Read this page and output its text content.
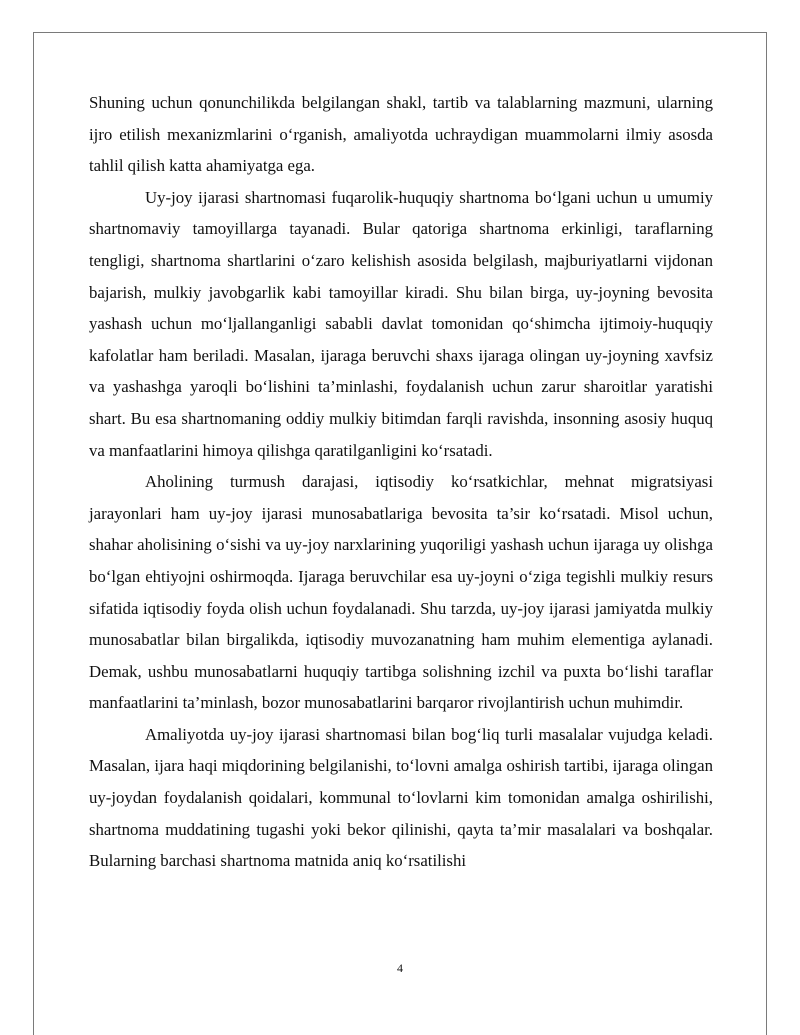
Shuning uchun qonunchilikda belgilangan shakl, tartib va talablarning mazmuni, ularning ijro etilish mexanizmlarini o‘rganish, amaliyotda uchraydigan muammolarni ilmiy asosda tahlil qilish katta ahamiyatga ega.

Uy-joy ijarasi shartnomasi fuqarolik-huquqiy shartnoma bo‘lgani uchun u umumiy shartnomaviy tamoyillarga tayanadi. Bular qatoriga shartnoma erkinligi, taraflarning tengligi, shartnoma shartlarini o‘zaro kelishish asosida belgilash, majburiyatlarni vijdonan bajarish, mulkiy javobgarlik kabi tamoyillar kiradi. Shu bilan birga, uy-joyning bevosita yashash uchun mo‘ljallanganligi sababli davlat tomonidan qo‘shimcha ijtimoiy-huquqiy kafolatlar ham beriladi. Masalan, ijaraga beruvchi shaxs ijaraga olingan uy-joyning xavfsiz va yashashga yaroqli bo‘lishini ta’minlashi, foydalanish uchun zarur sharoitlar yaratishi shart. Bu esa shartnomaning oddiy mulkiy bitimdan farqli ravishda, insonning asosiy huquq va manfaatlarini himoya qilishga qaratilganligini ko‘rsatadi.

Aholining turmush darajasi, iqtisodiy ko‘rsatkichlar, mehnat migratsiyasi jarayonlari ham uy-joy ijarasi munosabatlariga bevosita ta’sir ko‘rsatadi. Misol uchun, shahar aholisining o‘sishi va uy-joy narxlarining yuqoriligi yashash uchun ijaraga uy olishga bo‘lgan ehtiyojni oshirmoqda. Ijaraga beruvchilar esa uy-joyni o‘ziga tegishli mulkiy resurs sifatida iqtisodiy foyda olish uchun foydalanadi. Shu tarzda, uy-joy ijarasi jamiyatda mulkiy munosabatlar bilan birgalikda, iqtisodiy muvozanatning ham muhim elementiga aylanadi. Demak, ushbu munosabatlarni huquqiy tartibga solishning izchil va puxta bo‘lishi taraflar manfaatlarini ta’minlash, bozor munosabatlarini barqaror rivojlantirish uchun muhimdir.

Amaliyotda uy-joy ijarasi shartnomasi bilan bog‘liq turli masalalar vujudga keladi. Masalan, ijara haqi miqdorining belgilanishi, to‘lovni amalga oshirish tartibi, ijaraga olingan uy-joydan foydalanish qoidalari, kommunal to‘lovlarni kim tomonidan amalga oshirilishi, shartnoma muddatining tugashi yoki bekor qilinishi, qayta ta’mir masalalari va boshqalar. Bularning barchasi shartnoma matnida aniq ko‘rsatilishi

4
